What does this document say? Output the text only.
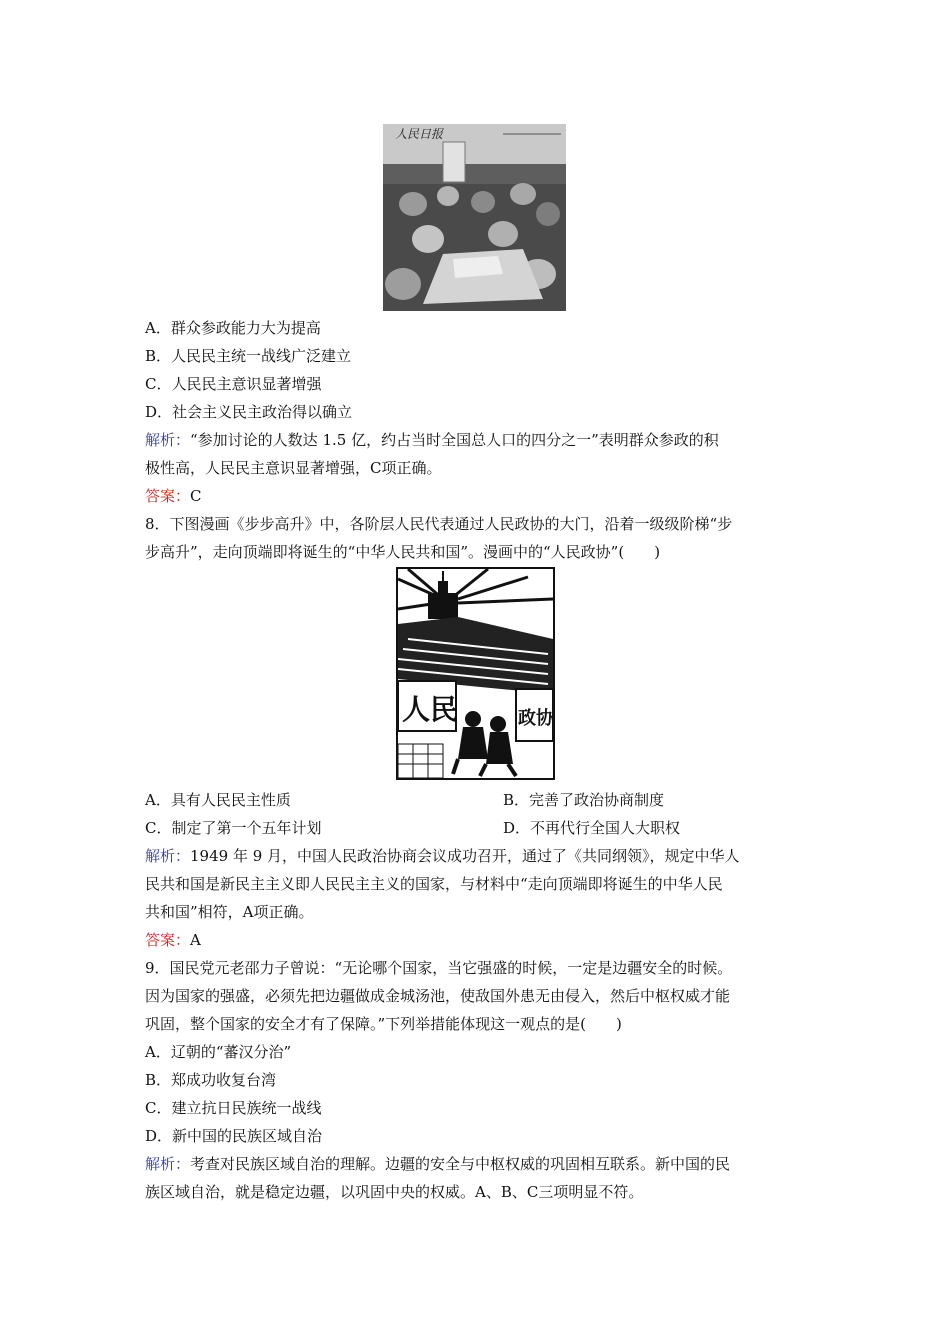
人民日报
A．群众参政能力大为提高
B．人民民主统一战线广泛建立
C．人民民主意识显著增强
D．社会主义民主政治得以确立
解析：“参加讨论的人数达 1.5 亿，约占当时全国总人口的四分之一”表明群众参政的积
极性高，人民民主意识显著增强，C项正确。
答案：C
8．下图漫画《步步高升》中，各阶层人民代表通过人民政协的大门，沿着一级级阶梯“步
步高升”，走向顶端即将诞生的“中华人民共和国”。漫画中的“人民政协”(　　)
人民	政协
A．具有人民民主性质	B．完善了政治协商制度
C．制定了第一个五年计划	D．不再代行全国人大职权
解析：1949 年 9 月，中国人民政治协商会议成功召开，通过了《共同纲领》，规定中华人
民共和国是新民主主义即人民民主主义的国家，与材料中“走向顶端即将诞生的中华人民
共和国”相符，A项正确。
答案：A
9．国民党元老邵力子曾说：“无论哪个国家，当它强盛的时候，一定是边疆安全的时候。
因为国家的强盛，必须先把边疆做成金城汤池，使敌国外患无由侵入，然后中枢权威才能
巩固，整个国家的安全才有了保障。”下列举措能体现这一观点的是(　　)
A．辽朝的“蕃汉分治”
B．郑成功收复台湾
C．建立抗日民族统一战线
D．新中国的民族区域自治
解析：考查对民族区域自治的理解。边疆的安全与中枢权威的巩固相互联系。新中国的民
族区域自治，就是稳定边疆，以巩固中央的权威。A、B、C三项明显不符。
